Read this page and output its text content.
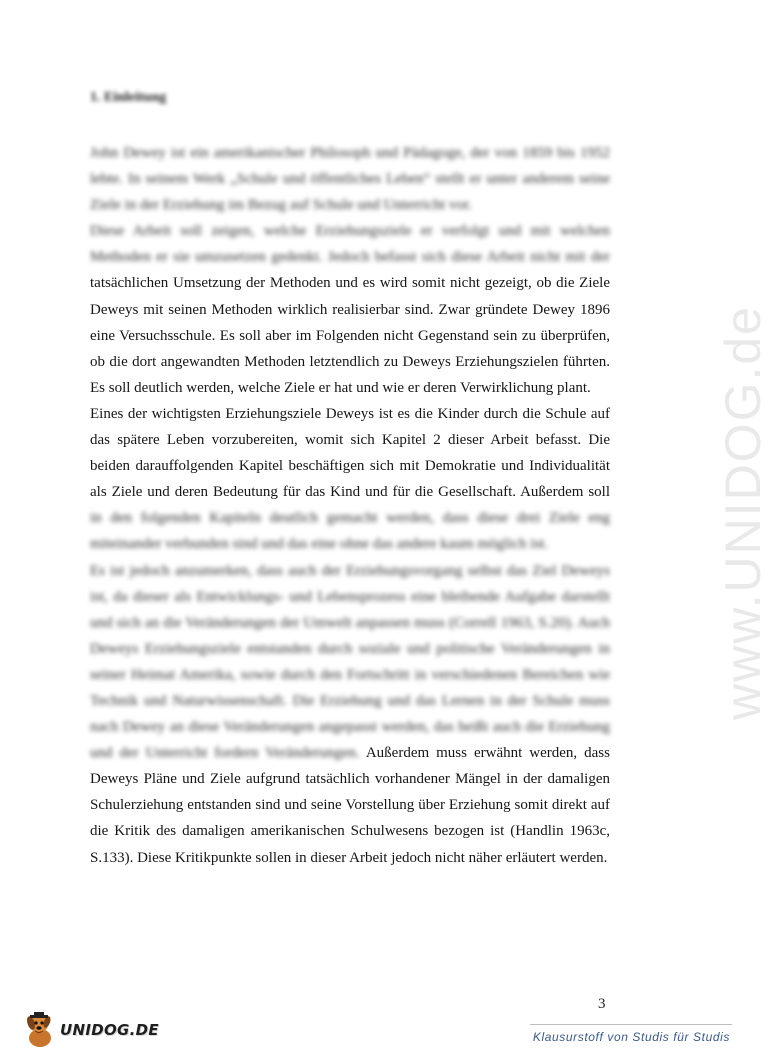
www.UNIDOG.de
1. Einleitung

John Dewey ist ein amerikanischer Philosoph und Pädagoge, der von 1859 bis 1952 lebte. In seinem Werk „Schule und öffentliches Leben“ stellt er unter anderem seine Ziele in der Erziehung im Bezug auf Schule und Unterricht vor.

Diese Arbeit soll zeigen, welche Erziehungsziele er verfolgt und mit welchen Methoden er sie umzusetzen gedenkt. Jedoch befasst sich diese Arbeit nicht mit der tatsächlichen Umsetzung der Methoden und es wird somit nicht gezeigt, ob die Ziele Deweys mit seinen Methoden wirklich realisierbar sind. Zwar gründete Dewey 1896 eine Versuchsschule. Es soll aber im Folgenden nicht Gegenstand sein zu überprüfen, ob die dort angewandten Methoden letztendlich zu Deweys Erziehungszielen führten. Es soll deutlich werden, welche Ziele er hat und wie er deren Verwirklichung plant.

Eines der wichtigsten Erziehungsziele Deweys ist es die Kinder durch die Schule auf das spätere Leben vorzubereiten, womit sich Kapitel 2 dieser Arbeit befasst. Die beiden darauffolgenden Kapitel beschäftigen sich mit Demokratie und Individualität als Ziele und deren Bedeutung für das Kind und für die Gesellschaft. Außerdem soll in den folgenden Kapiteln deutlich gemacht werden, dass diese drei Ziele eng miteinander verbunden sind und das eine ohne das andere kaum möglich ist.

Es ist jedoch anzumerken, dass auch der Erziehungsvorgang selbst das Ziel Deweys ist, da dieser als Entwicklungs- und Lebensprozess eine bleibende Aufgabe darstellt und sich an die Veränderungen der Umwelt anpassen muss (Correll 1963, S.20). Auch Deweys Erziehungsziele entstanden durch soziale und politische Veränderungen in seiner Heimat Amerika, sowie durch den Fortschritt in verschiedenen Bereichen wie Technik und Naturwissenschaft. Die Erziehung und das Lernen in der Schule muss nach Dewey an diese Veränderungen angepasst werden, das heißt auch die Erziehung und der Unterricht fordern Veränderungen. Außerdem muss erwähnt werden, dass Deweys Pläne und Ziele aufgrund tatsächlich vorhandener Mängel in der damaligen Schulerziehung entstanden sind und seine Vorstellung über Erziehung somit direkt auf die Kritik des damaligen amerikanischen Schulwesens bezogen ist (Handlin 1963c, S.133). Diese Kritikpunkte sollen in dieser Arbeit jedoch nicht näher erläutert werden.

3
UNIDOG.DE	Klausurstoff von Studis für Studis
